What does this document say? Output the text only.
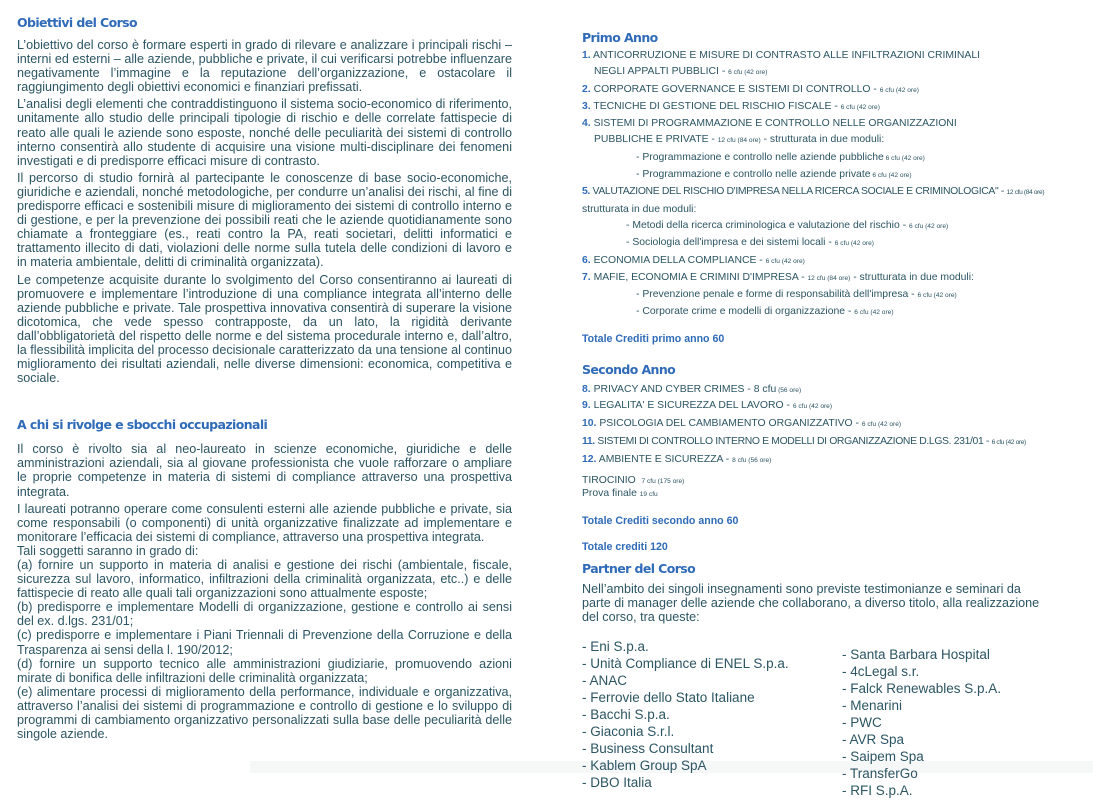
Obiettivi del Corso

L’obiettivo del corso è formare esperti in grado di rilevare e analizzare i principali rischi – interni ed esterni – alle aziende, pubbliche e private, il cui verificarsi potrebbe influenzare negativamente l’immagine e la reputazione dell’organizzazione, e ostacolare il raggiungimento degli obiettivi economici e finanziari prefissati.

L’analisi degli elementi che contraddistinguono il sistema socio-economico di riferimento, unitamente allo studio delle principali tipologie di rischio e delle correlate fattispecie di reato alle quali le aziende sono esposte, nonché delle peculiarità dei sistemi di controllo interno consentirà allo studente di acquisire una visione multi-disciplinare dei fenomeni investigati e di predisporre efficaci misure di contrasto.

Il percorso di studio fornirà al partecipante le conoscenze di base socio-economiche, giuridiche e aziendali, nonché metodologiche, per condurre un’analisi dei rischi, al fine di predisporre efficaci e sostenibili misure di miglioramento dei sistemi di controllo interno e di gestione, e per la prevenzione dei possibili reati che le aziende quotidianamente sono chiamate a fronteggiare (es., reati contro la PA, reati societari, delitti informatici e trattamento illecito di dati, violazioni delle norme sulla tutela delle condizioni di lavoro e in materia ambientale, delitti di criminalità organizzata).

Le competenze acquisite durante lo svolgimento del Corso consentiranno ai laureati di promuovere e implementare l’introduzione di una compliance integrata all’interno delle aziende pubbliche e private. Tale prospettiva innovativa consentirà di superare la visione dicotomica, che vede spesso contrapposte, da un lato, la rigidità derivante dall’obbligatorietà del rispetto delle norme e del sistema procedurale interno e, dall’altro, la flessibilità implicita del processo decisionale caratterizzato da una tensione al continuo miglioramento dei risultati aziendali, nelle diverse dimensioni: economica, competitiva e sociale.

A chi si rivolge e sbocchi occupazionali

Il corso è rivolto sia al neo-laureato in scienze economiche, giuridiche e delle amministrazioni aziendali, sia al giovane professionista che vuole rafforzare o ampliare le proprie competenze in materia di sistemi di compliance attraverso una prospettiva integrata.

I laureati potranno operare come consulenti esterni alle aziende pubbliche e private, sia come responsabili (o componenti) di unità organizzative finalizzate ad implementare e monitorare l’efficacia dei sistemi di compliance, attraverso una prospettiva integrata.

Tali soggetti saranno in grado di:

(a) fornire un supporto in materia di analisi e gestione dei rischi (ambientale, fiscale, sicurezza sul lavoro, informatico, infiltrazioni della criminalità organizzata, etc..) e delle fattispecie di reato alle quali tali organizzazioni sono attualmente esposte;

(b) predisporre e implementare Modelli di organizzazione, gestione e controllo ai sensi del ex. d.lgs. 231/01;

(c) predisporre e implementare i Piani Triennali di Prevenzione della Corruzione e della Trasparenza ai sensi della l. 190/2012;

(d) fornire un supporto tecnico alle amministrazioni giudiziarie, promuovendo azioni mirate di bonifica delle infiltrazioni delle criminalità organizzata;

(e) alimentare processi di miglioramento della performance, individuale e organizzativa, attraverso l’analisi dei sistemi di programmazione e controllo di gestione e lo sviluppo di programmi di cambiamento organizzativo personalizzati sulla base delle peculiarità delle singole aziende.

Primo Anno
1. ANTICORRUZIONE E MISURE DI CONTRASTO ALLE INFILTRAZIONI CRIMINALI
NEGLI APPALTI PUBBLICI - 6 cfu (42 ore)
2. CORPORATE GOVERNANCE E SISTEMI DI CONTROLLO - 6 cfu (42 ore)
3. TECNICHE DI GESTIONE DEL RISCHIO FISCALE - 6 cfu (42 ore)
4. SISTEMI DI PROGRAMMAZIONE E CONTROLLO NELLE ORGANIZZAZIONI
PUBBLICHE E PRIVATE - 12 cfu (84 ore) - strutturata in due moduli:
- Programmazione e controllo nelle aziende pubbliche 6 cfu (42 ore)
- Programmazione e controllo nelle aziende private 6 cfu (42 ore)
5. VALUTAZIONE DEL RISCHIO D'IMPRESA NELLA RICERCA SOCIALE E CRIMINOLOGICA" - 12 cfu (84 ore)
strutturata in due moduli:
- Metodi della ricerca criminologica e valutazione del rischio - 6 cfu (42 ore)
- Sociologia dell'impresa e dei sistemi locali - 6 cfu (42 ore)
6. ECONOMIA DELLA COMPLIANCE - 6 cfu (42 ore)
7. MAFIE, ECONOMIA E CRIMINI D'IMPRESA - 12 cfu (84 ore) - strutturata in due moduli:
- Prevenzione penale e forme di responsabilità dell'impresa - 6 cfu (42 ore)
- Corporate crime e modelli di organizzazione - 6 cfu (42 ore)

Totale Crediti primo anno 60

Secondo Anno
8. PRIVACY AND CYBER CRIMES - 8 cfu (56 ore)
9. LEGALITA' E SICUREZZA DEL LAVORO - 6 cfu (42 ore)
10. PSICOLOGIA DEL CAMBIAMENTO ORGANIZZATIVO - 6 cfu (42 ore)
11. SISTEMI DI CONTROLLO INTERNO E MODELLI DI ORGANIZZAZIONE D.LGS. 231/01 - 6 cfu (42 ore)
12. AMBIENTE E SICUREZZA - 8 cfu (56 ore)
TIROCINIO 7 cfu (175 ore)
Prova finale 19 cfu

Totale Crediti secondo anno 60

Totale crediti 120

Partner del Corso

Nell’ambito dei singoli insegnamenti sono previste testimonianze e seminari da parte di manager delle aziende che collaborano, a diverso titolo, alla realizzazione del corso, tra queste:

- Eni S.p.a.
- Unità Compliance di ENEL S.p.a.
- ANAC
- Ferrovie dello Stato Italiane
- Bacchi S.p.a.
- Giaconia S.r.l.
- Business Consultant
- Kablem Group SpA
- DBO Italia
- Santa Barbara Hospital
- 4cLegal s.r.
- Falck Renewables S.p.A.
- Menarini
- PWC
- AVR Spa
- Saipem Spa
- TransferGo
- RFI S.p.A.
